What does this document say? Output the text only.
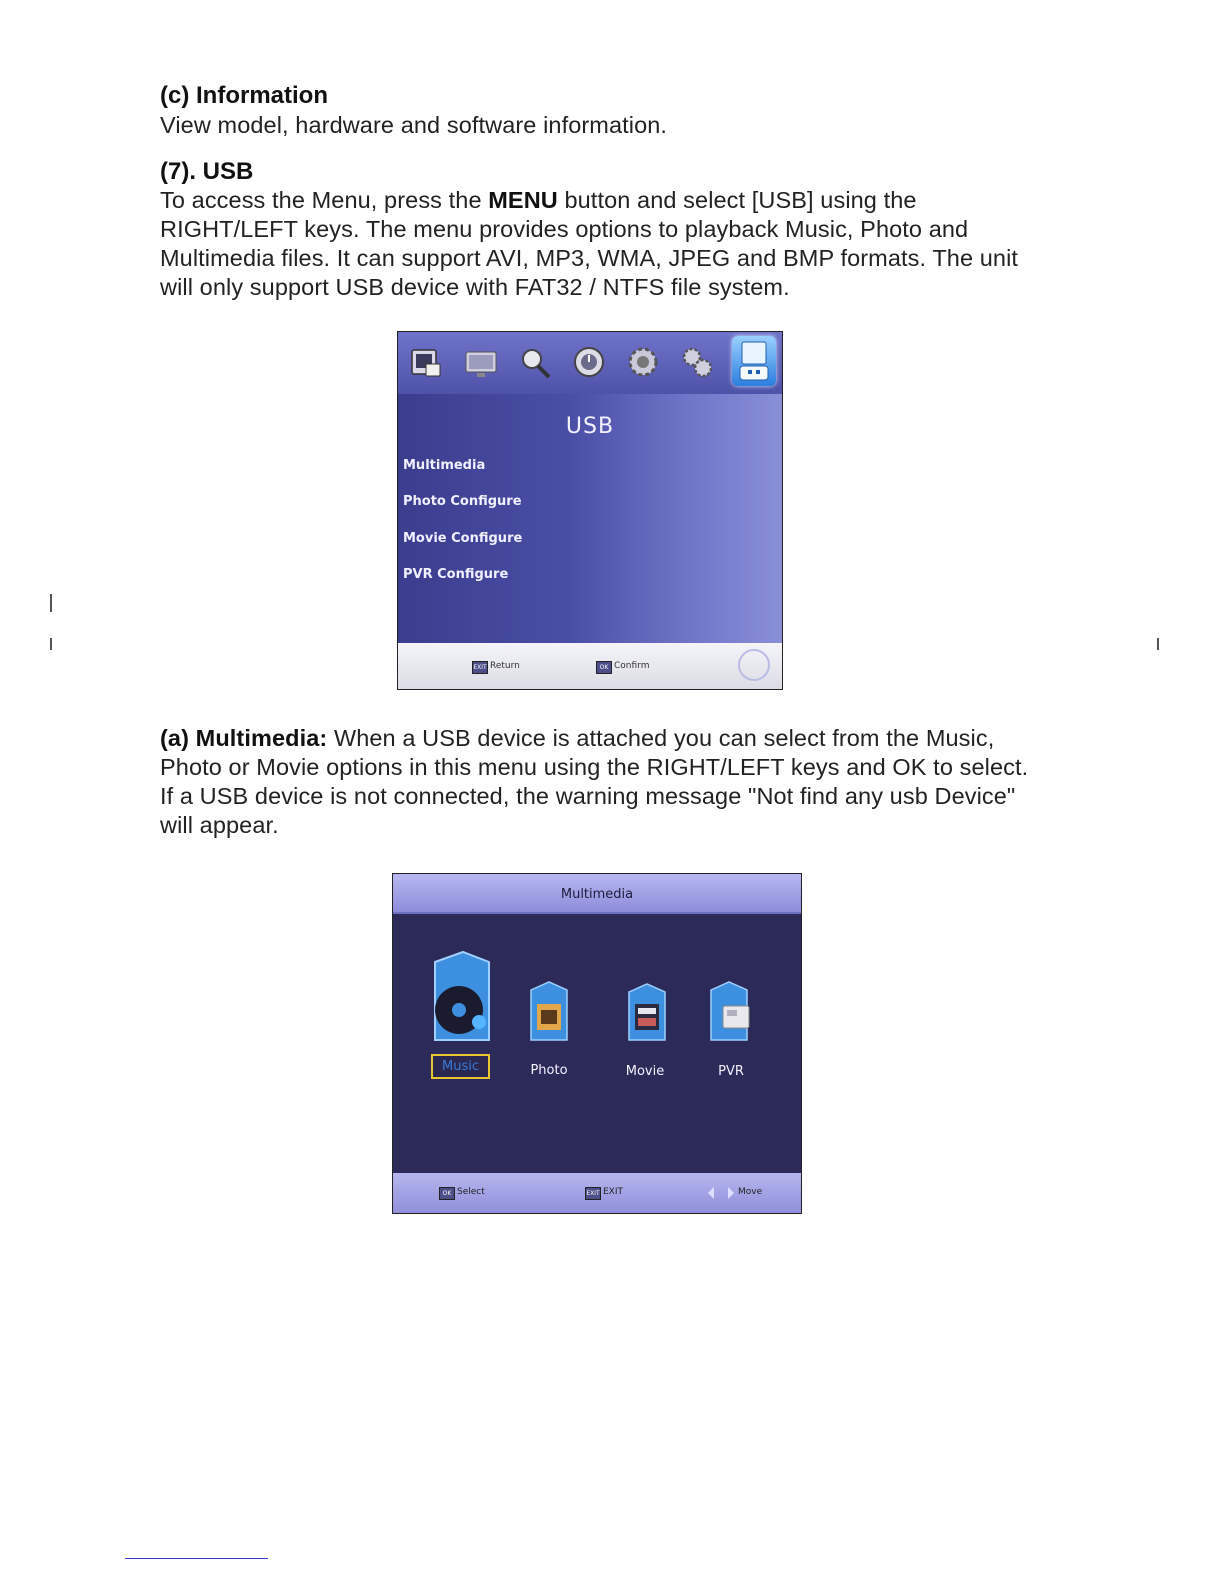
(c) Information

View model, hardware and software information.

(7). USB

To access the Menu, press the MENU button and select [USB] using the RIGHT/LEFT keys. The menu provides options to playback Music, Photo and Multimedia files. It can support AVI, MP3, WMA, JPEG and BMP formats. The unit will only support USB device with FAT32 / NTFS file system.

USB
Multimedia
Photo Configure
Movie Configure
PVR Configure
EXIT Return	OK Confirm

(a) Multimedia: When a USB device is attached you can select from the Music, Photo or Movie options in this menu using the RIGHT/LEFT keys and OK to select. If a USB device is not connected, the warning message "Not find any usb Device" will appear.

Multimedia
Music	Photo	Movie	PVR
OK Select	EXIT EXIT	Move
